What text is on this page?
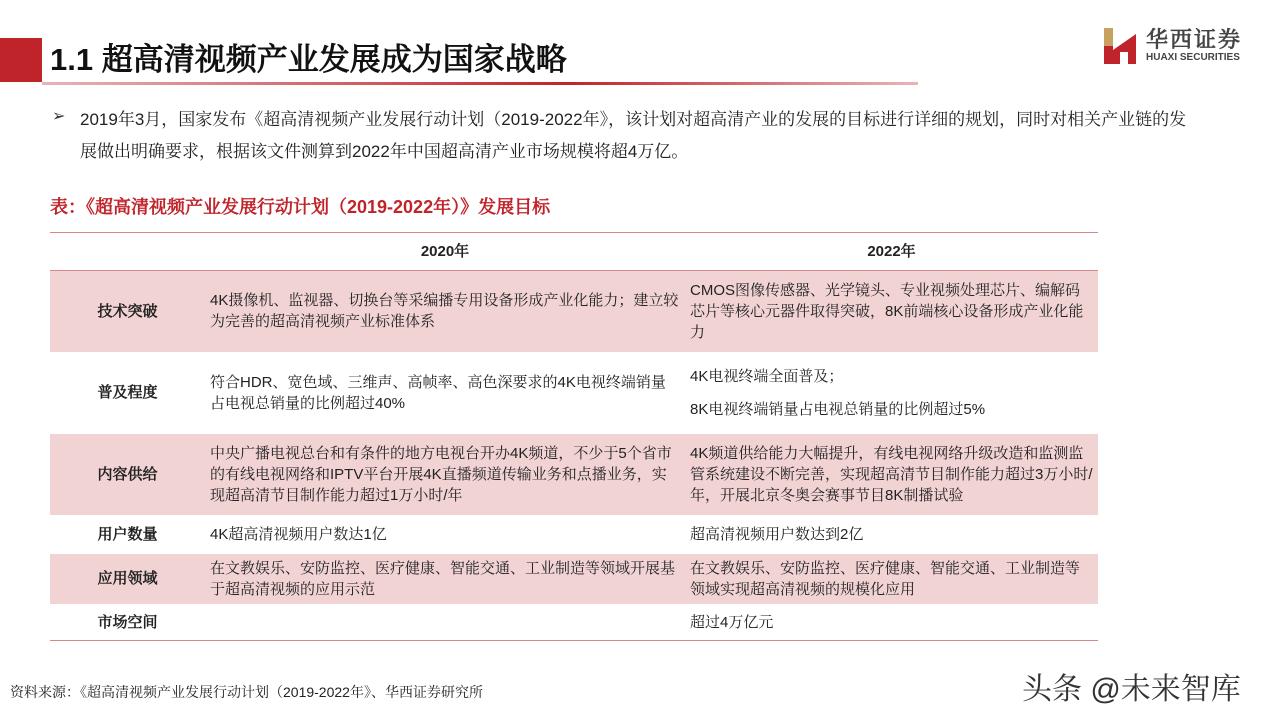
1.1 超高清视频产业发展成为国家战略
华西证券
HUAXI SECURITIES
➢ 2019年3月，国家发布《超高清视频产业发展行动计划（2019-2022年》，该计划对超高清产业的发展的目标进行详细的规划，同时对相关产业链的发展做出明确要求，根据该文件测算到2022年中国超高清产业市场规模将超4万亿。
表：《超高清视频产业发展行动计划（2019-2022年）》发展目标
	2020年	2022年
技术突破	4K摄像机、监视器、切换台等采编播专用设备形成产业化能力；建立较为完善的超高清视频产业标准体系	CMOS图像传感器、光学镜头、专业视频处理芯片、编解码芯片等核心元器件取得突破，8K前端核心设备形成产业化能力
普及程度	符合HDR、宽色域、三维声、高帧率、高色深要求的4K电视终端销量占电视总销量的比例超过40%	4K电视终端全面普及；
8K电视终端销量占电视总销量的比例超过5%

内容供给	中央广播电视总台和有条件的地方电视台开办4K频道，不少于5个省市的有线电视网络和IPTV平台开展4K直播频道传输业务和点播业务，实现超高清节目制作能力超过1万小时/年	4K频道供给能力大幅提升，有线电视网络升级改造和监测监管系统建设不断完善，实现超高清节目制作能力超过3万小时/年，开展北京冬奥会赛事节目8K制播试验
用户数量	4K超高清视频用户数达1亿	超高清视频用户数达到2亿
应用领域	在文教娱乐、安防监控、医疗健康、智能交通、工业制造等领域开展基于超高清视频的应用示范	在文教娱乐、安防监控、医疗健康、智能交通、工业制造等领域实现超高清视频的规模化应用
市场空间		超过4万亿元
资料来源：《超高清视频产业发展行动计划（2019-2022年》、华西证券研究所	头条 @未来智库
